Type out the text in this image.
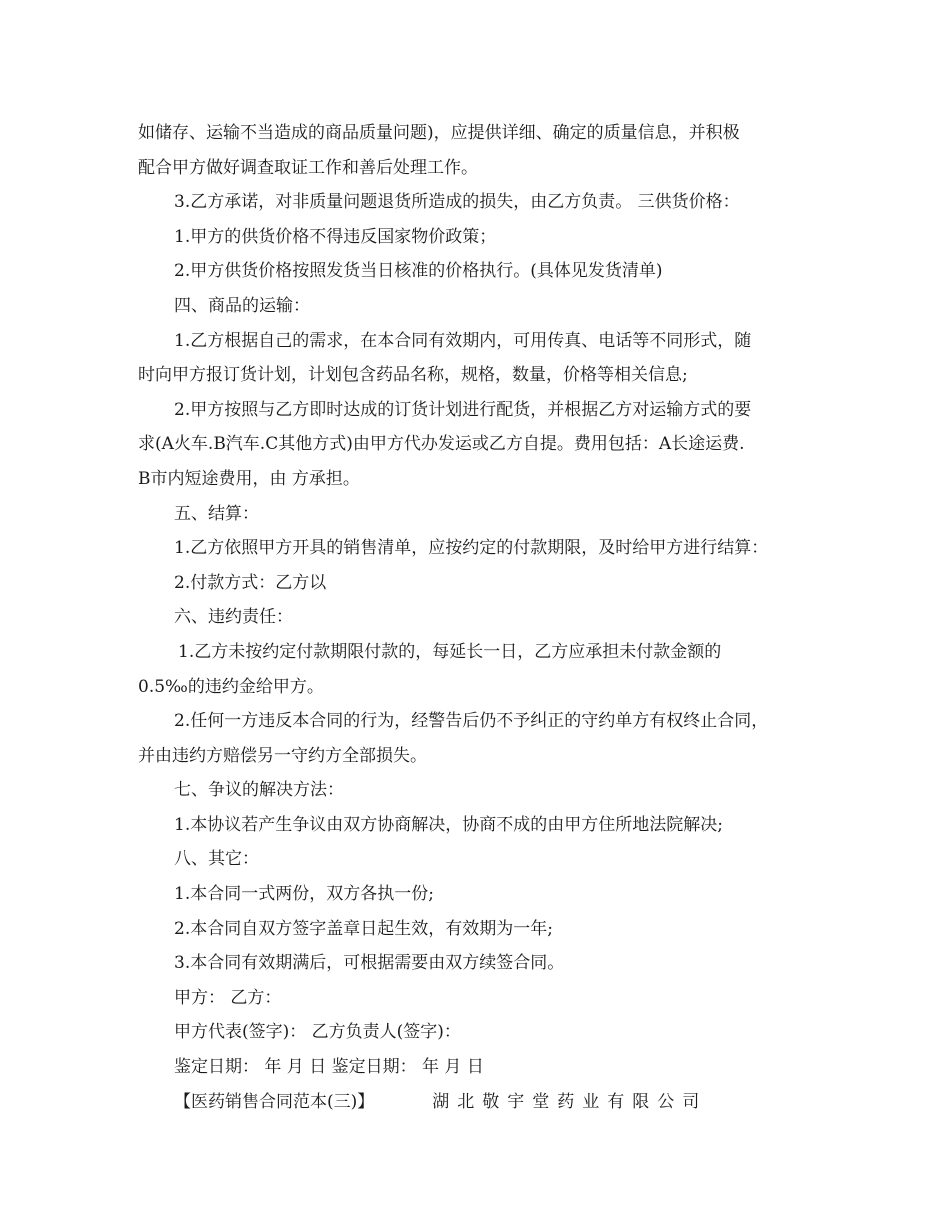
如储存、运输不当造成的商品质量问题)，应提供详细、确定的质量信息，并积极
配合甲方做好调查取证工作和善后处理工作。
3.乙方承诺，对非质量问题退货所造成的损失，由乙方负责。 三供货价格：
1.甲方的供货价格不得违反国家物价政策；
2.甲方供货价格按照发货当日核准的价格执行。(具体见发货清单)
四、商品的运输：
1.乙方根据自己的需求，在本合同有效期内，可用传真、电话等不同形式，随
时向甲方报订货计划，计划包含药品名称，规格，数量，价格等相关信息;
2.甲方按照与乙方即时达成的订货计划进行配货，并根据乙方对运输方式的要
求(A火车.B汽车.C其他方式)由甲方代办发运或乙方自提。费用包括：A长途运费.
B市内短途费用，由 方承担。
五、结算：
1.乙方依照甲方开具的销售清单，应按约定的付款期限，及时给甲方进行结算：
2.付款方式：乙方以
六、违约责任：
1.乙方未按约定付款期限付款的，每延长一日，乙方应承担未付款金额的
0.5‰的违约金给甲方。
2.任何一方违反本合同的行为，经警告后仍不予纠正的守约单方有权终止合同，
并由违约方赔偿另一守约方全部损失。
七、争议的解决方法：
1.本协议若产生争议由双方协商解决，协商不成的由甲方住所地法院解决;
八、其它：
1.本合同一式两份，双方各执一份;
2.本合同自双方签字盖章日起生效，有效期为一年;
3.本合同有效期满后，可根据需要由双方续签合同。
甲方： 乙方：
甲方代表(签字)： 乙方负责人(签字)：
鉴定日期： 年 月 日 鉴定日期： 年 月 日
【医药销售合同范本(三)】	湖北敬宇堂药业有限公司
